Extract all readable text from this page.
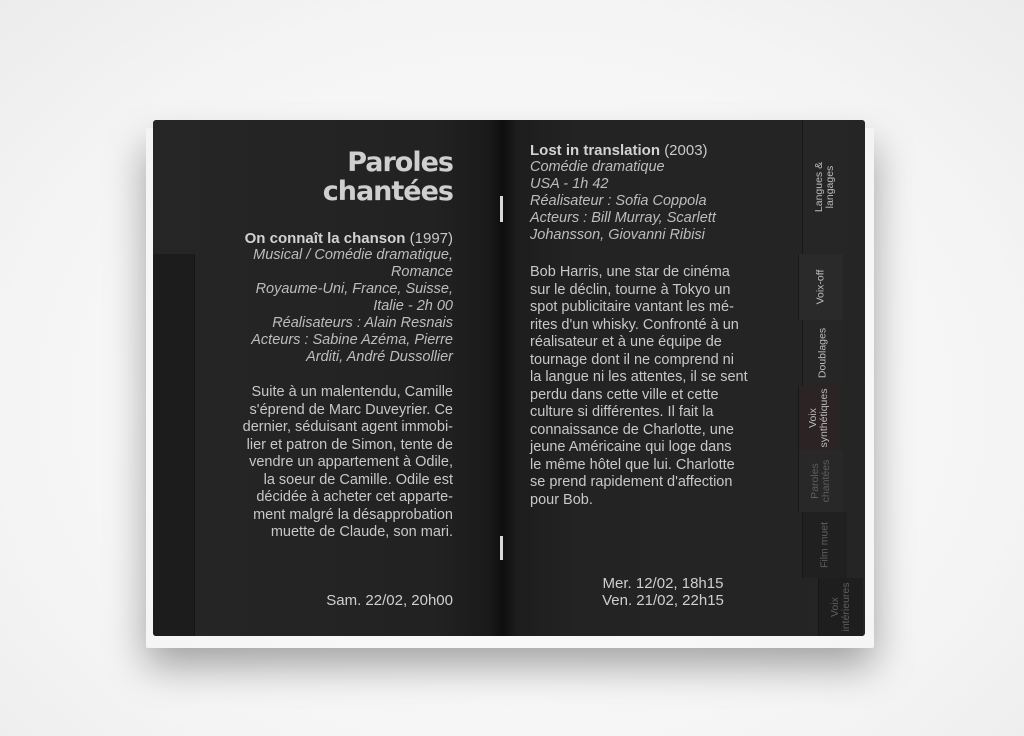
Paroles
chantées
On connaît la chanson (1997)
Musical / Comédie dramatique,
Romance
Royaume-Uni, France, Suisse,
Italie - 2h 00
Réalisateurs : Alain Resnais
Acteurs : Sabine Azéma, Pierre
Arditi, André Dussollier
Suite à un malentendu, Camille
s'éprend de Marc Duveyrier. Ce
dernier, séduisant agent immobi-
lier et patron de Simon, tente de
vendre un appartement à Odile,
la soeur de Camille. Odile est
décidée à acheter cet apparte-
ment malgré la désapprobation
muette de Claude, son mari.
Sam. 22/02, 20h00
Lost in translation (2003)
Comédie dramatique
USA - 1h 42
Réalisateur : Sofia Coppola
Acteurs : Bill Murray, Scarlett
Johansson, Giovanni Ribisi
Bob Harris, une star de cinéma
sur le déclin, tourne à Tokyo un
spot publicitaire vantant les mé-
rites d'un whisky. Confronté à un
réalisateur et à une équipe de
tournage dont il ne comprend ni
la langue ni les attentes, il se sent
perdu dans cette ville et cette
culture si différentes. Il fait la
connaissance de Charlotte, une
jeune Américaine qui loge dans
le même hôtel que lui. Charlotte
se prend rapidement d'affection
pour Bob.
Mer. 12/02, 18h15
Ven. 21/02, 22h15
Langues &
langages
Voix-off
Doublages
Voix
synthétiques
Paroles
chantées
Film muet
Voix
intérieures
